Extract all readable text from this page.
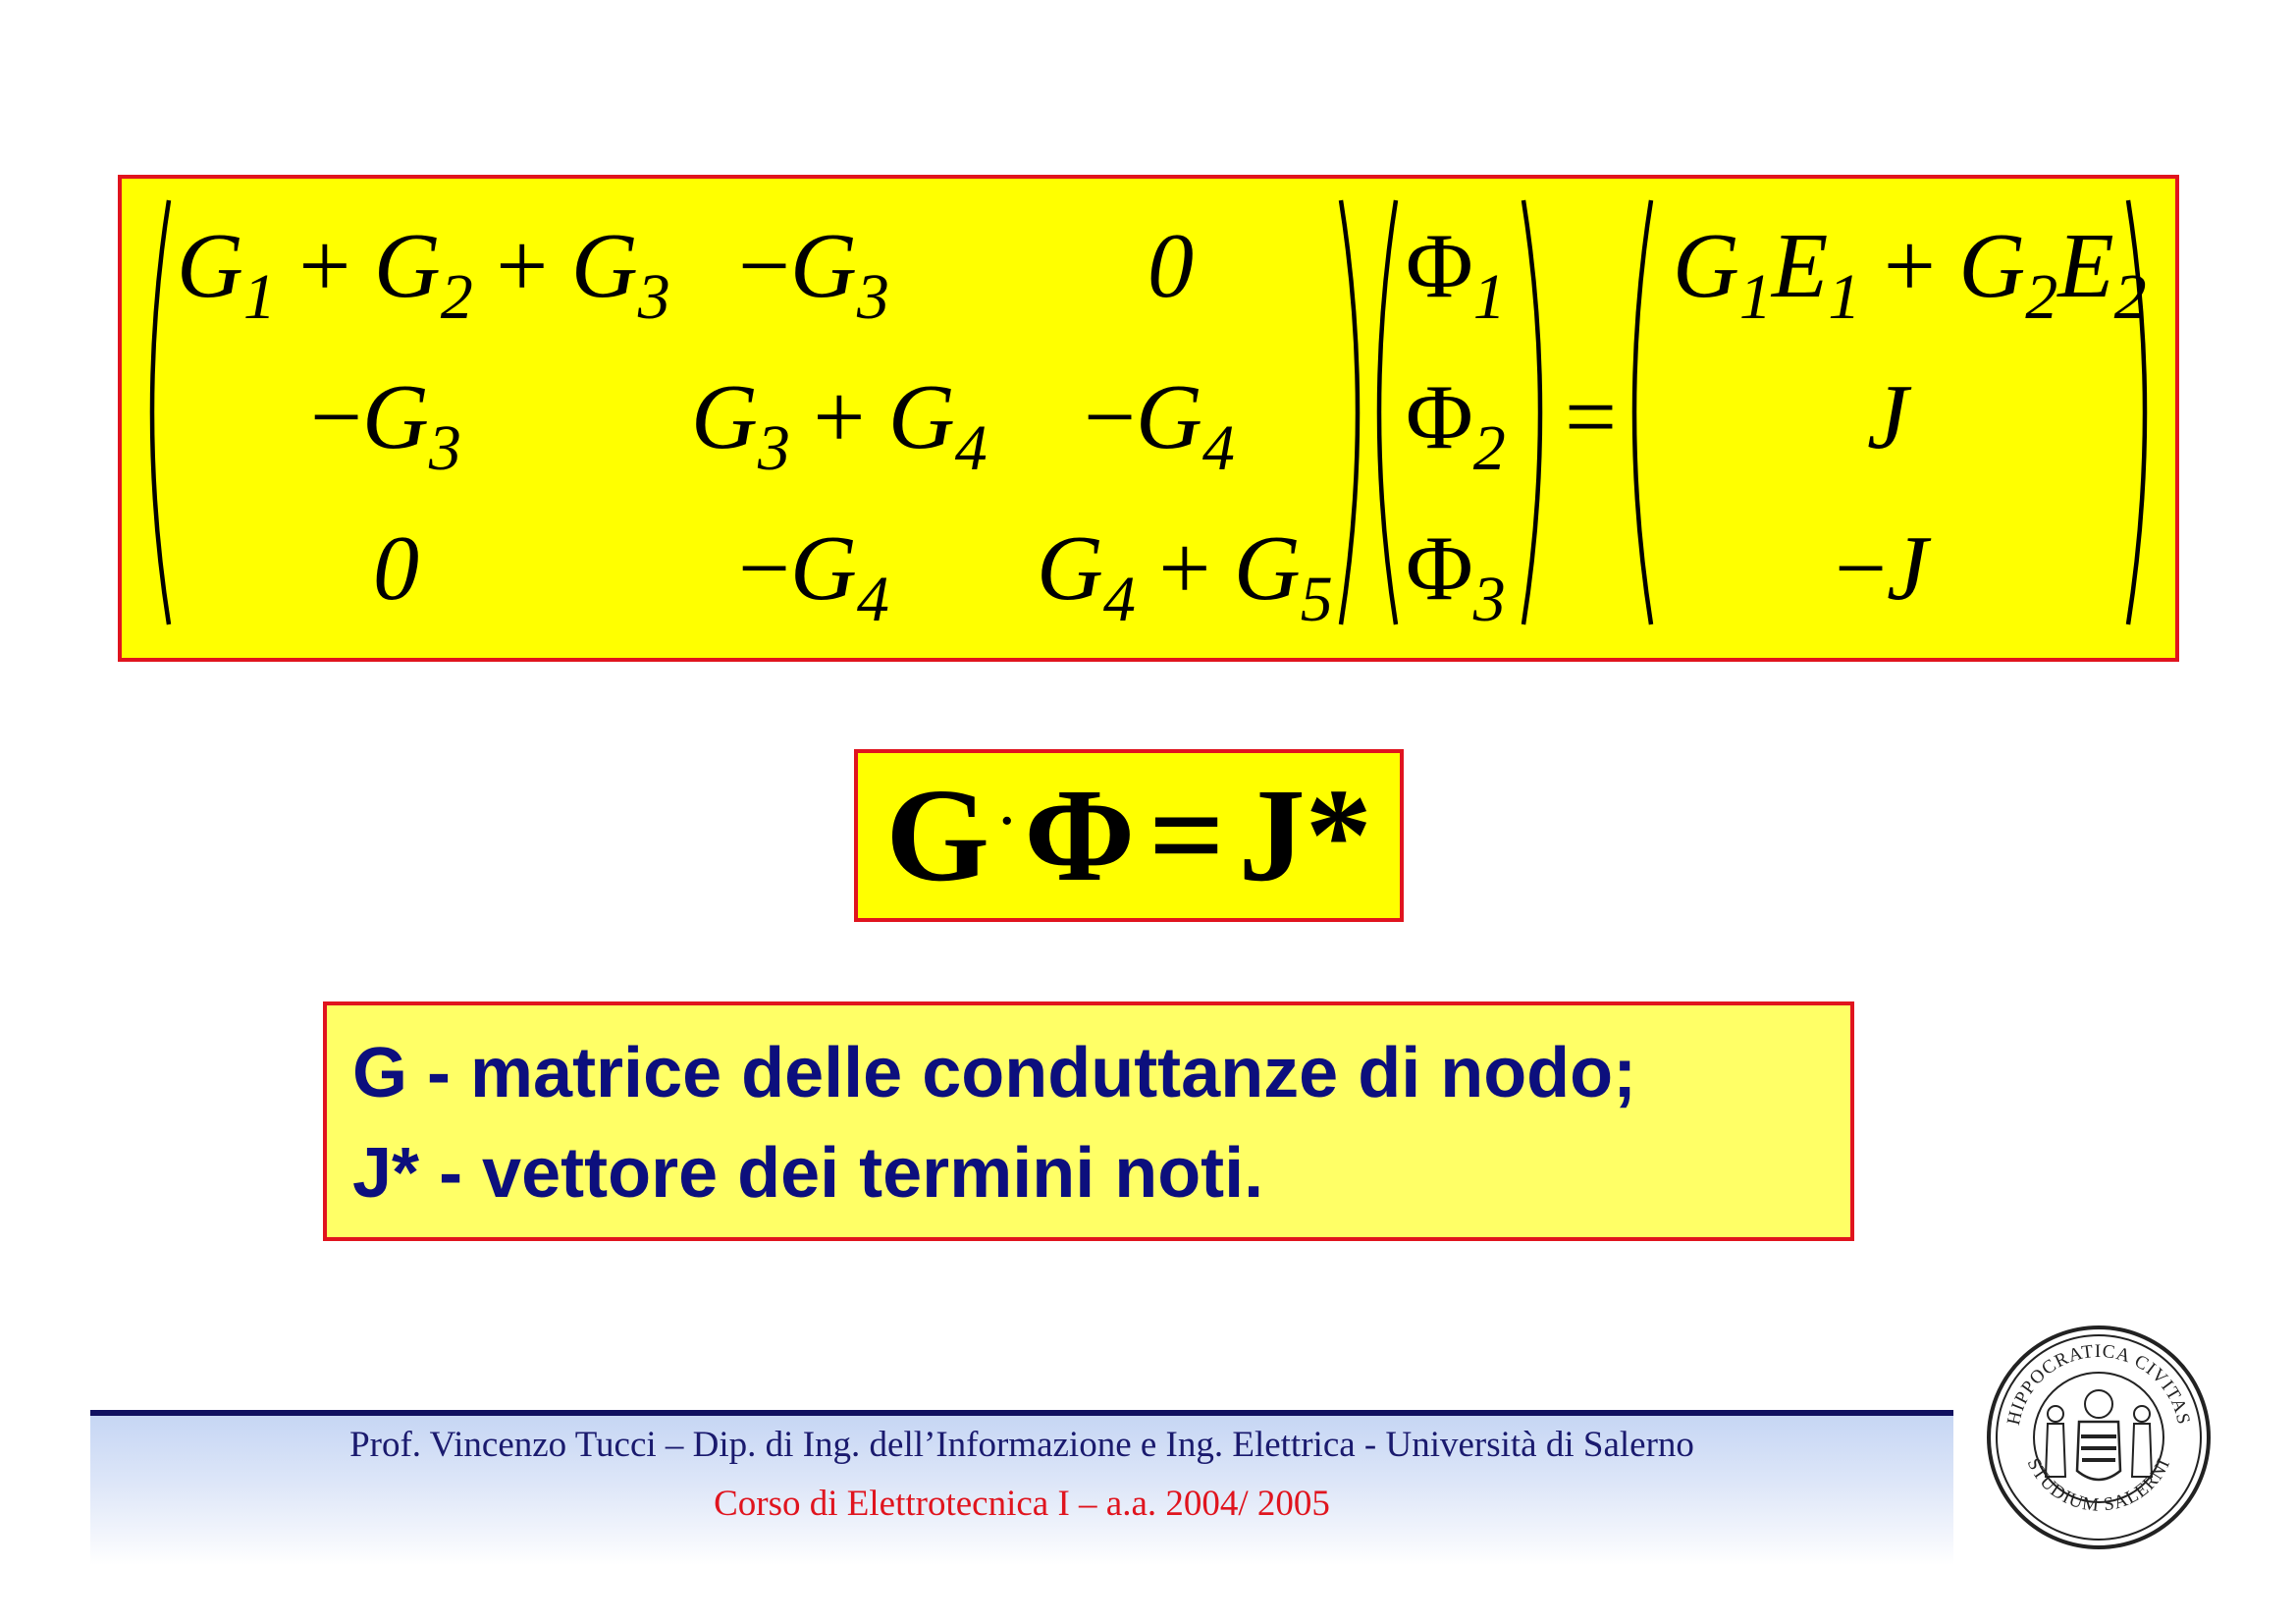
$G_1 + G_2 + G_3 -G_3$	0
$-G_3$ $G_3 + G_4 -G_4$
0	$-G_4$ $G_4 + G_5$
$\Phi_1$
$\Phi_2$
$\Phi_3$
=
$G_1E_1 + G_2E_2$
J
−J
G · Φ = J*
G - matrice delle conduttanze di nodo;
J* - vettore dei termini noti.
Prof. Vincenzo Tucci – Dip. di Ing. dell’Informazione e Ing. Elettrica - Università di Salerno
Corso di Elettrotecnica I – a.a. 2004/ 2005
HIPPOCRATICA CIVITAS
STUDIUM SALERNI
